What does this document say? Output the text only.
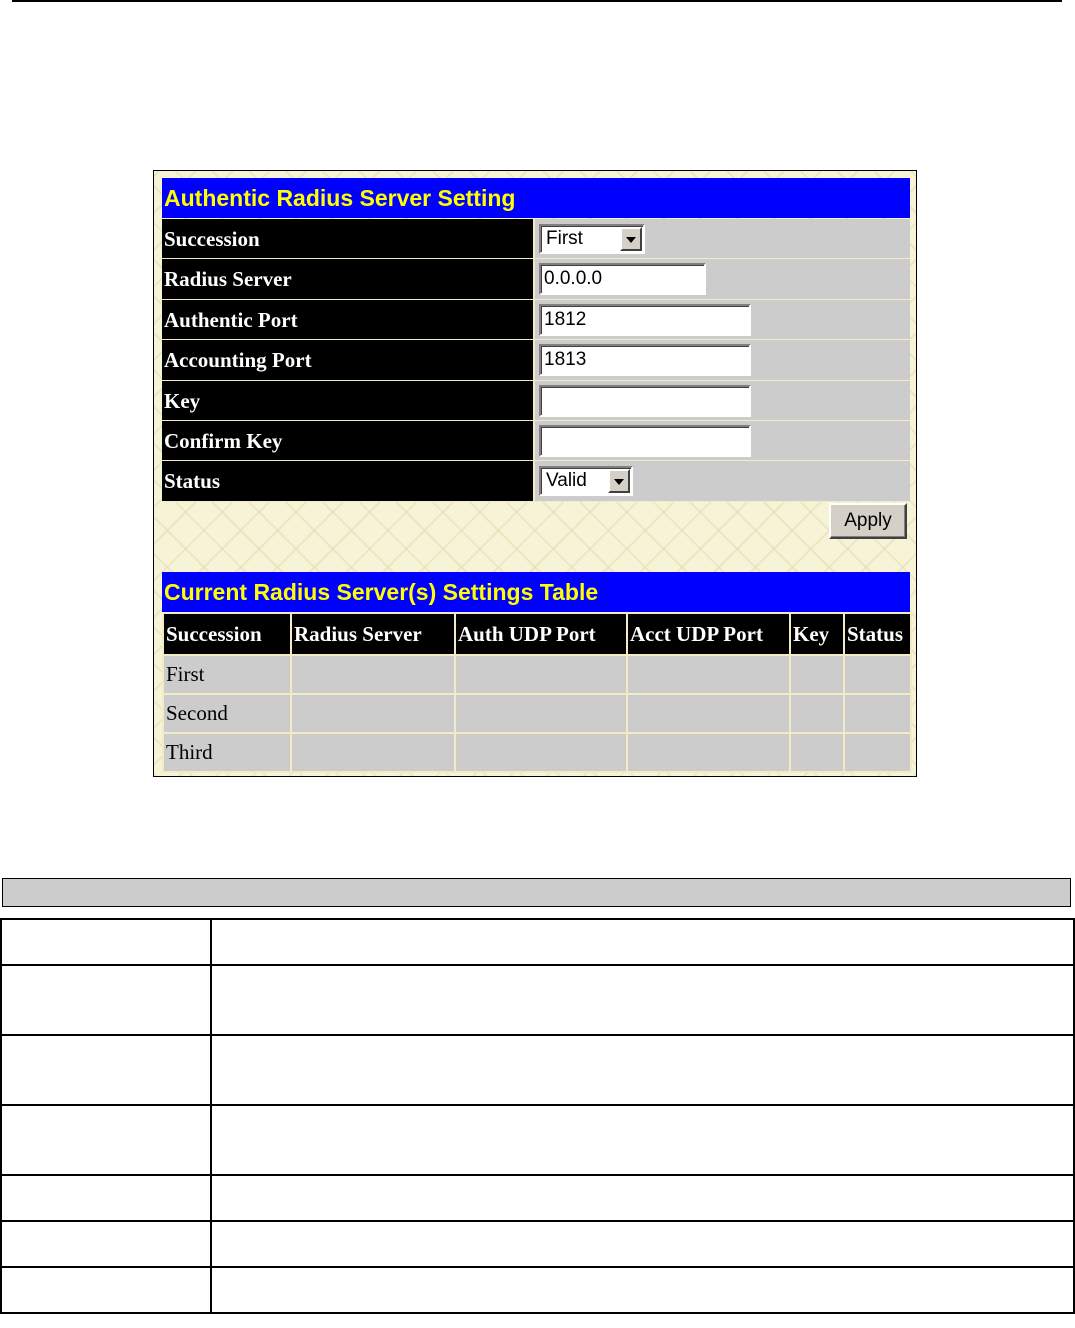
Authentic Radius Server Setting
Succession	First
Radius Server	0.0.0.0
Authentic Port	1812
Accounting Port	1813
Key
Confirm Key
Status	Valid
Apply
Current Radius Server(s) Settings Table
Succession	Radius Server	Auth UDP Port	Acct UDP Port	Key	Status
First					
Second					
Third					
